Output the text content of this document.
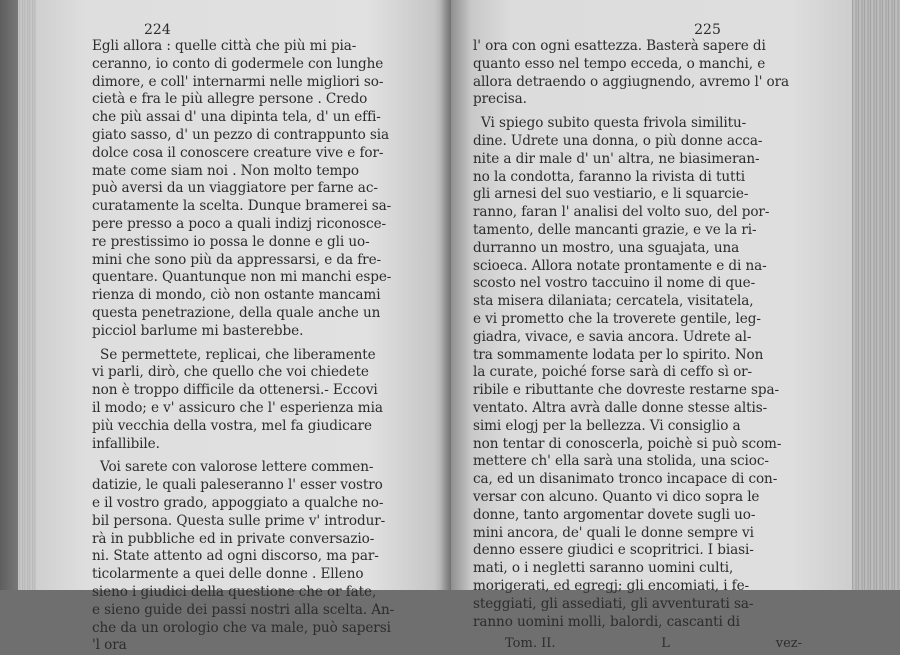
224
Egli allora : quelle città che più mi pia-
ceranno, io conto di godermele con lunghe
dimore, e coll' internarmi nelle migliori so-
cietà e fra le più allegre persone . Credo
che più assai d' una dipinta tela, d' un effi-
giato sasso, d' un pezzo di contrappunto sia
dolce cosa il conoscere creature vive e for-
mate come siam noi . Non molto tempo
può aversi da un viaggiatore per farne ac-
curatamente la scelta. Dunque bramerei sa-
pere presso a poco a quali indizj riconosce-
re prestissimo io possa le donne e gli uo-
mini che sono più da appressarsi, e da fre-
quentare. Quantunque non mi manchi espe-
rienza di mondo, ciò non ostante mancami
questa penetrazione, della quale anche un
picciol barlume mi basterebbe.
Se permettete, replicai, che liberamente
vi parli, dirò, che quello che voi chiedete
non è troppo difficile da ottenersi.- Eccovi
il modo; e v' assicuro che l' esperienza mia
più vecchia della vostra, mel fa giudicare
infallibile.
Voi sarete con valorose lettere commen-
datizie, le quali paleseranno l' esser vostro
e il vostro grado, appoggiato a qualche no-
bil persona. Questa sulle prime v' introdur-
rà in pubbliche ed in private conversazio-
ni. State attento ad ogni discorso, ma par-
ticolarmente a quei delle donne . Elleno
sieno i giudici della questione che or fate,
e sieno guide dei passi nostri alla scelta. An-
che da un orologio che va male, può sapersi
'l ora
225
l' ora con ogni esattezza. Basterà sapere di
quanto esso nel tempo ecceda, o manchi, e
allora detraendo o aggiugnendo, avremo l' ora
precisa.
Vi spiego subito questa frivola similitu-
dine. Udrete una donna, o più donne acca-
nite a dir male d' un' altra, ne biasimeran-
no la condotta, faranno la rivista di tutti
gli arnesi del suo vestiario, e li squarcie-
ranno, faran l' analisi del volto suo, del por-
tamento, delle mancanti grazie, e ve la ri-
durranno un mostro, una sguajata, una
scioeca. Allora notate prontamente e di na-
scosto nel vostro taccuino il nome di que-
sta misera dilaniata; cercatela, visitatela,
e vi prometto che la troverete gentile, leg-
giadra, vivace, e savia ancora. Udrete al-
tra sommamente lodata per lo spirito. Non
la curate, poiché forse sarà di ceffo sì or-
ribile e ributtante che dovreste restarne spa-
ventato. Altra avrà dalle donne stesse altis-
simi elogj per la bellezza. Vi consiglio a
non tentar di conoscerla, poichè si può scom-
mettere ch' ella sarà una stolida, una scioc-
ca, ed un disanimato tronco incapace di con-
versar con alcuno. Quanto vi dico sopra le
donne, tanto argomentar dovete sugli uo-
mini ancora, de' quali le donne sempre vi
denno essere giudici e scopritrici. I biasi-
mati, o i negletti saranno uomini culti,
morigerati, ed egregj; gli encomiati, i fe-
steggiati, gli assediati, gli avventurati sa-
ranno uomini molli, balordi, cascanti di
Tom. II.	L	vez-
